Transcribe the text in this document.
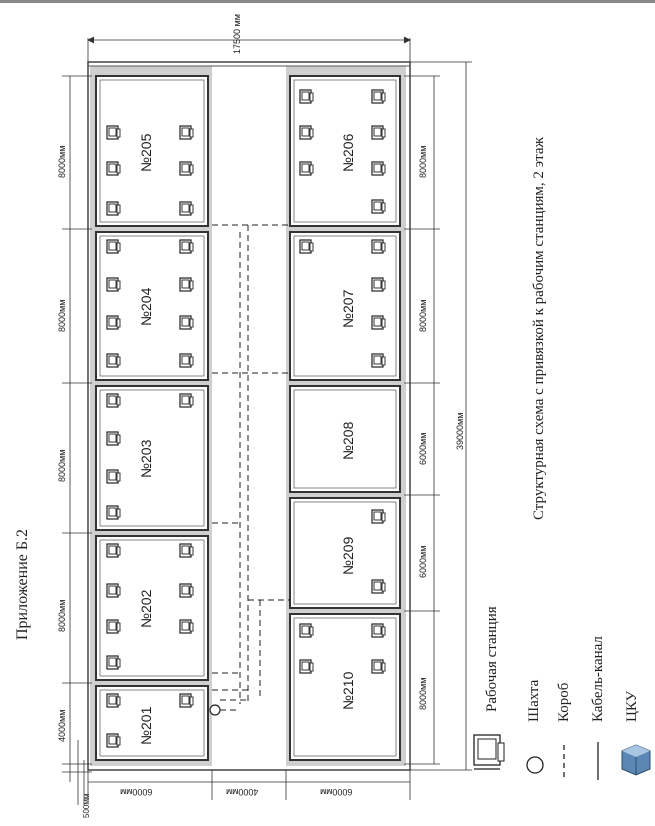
Приложение Б.2
Структурная схема с привязкой к рабочим станциям, 2 этаж
17500 мм
39000мм
8000мм
8000мм
8000мм
8000мм
4000мм
500мм
8000мм
8000мм
6000мм
6000мм
8000мм
6000мм	4000мм	6000мм
№205
№204
№203
№202
№201
№206
№207
№208
№209
№210	Рабочая станция Шахта Короб Кабель-канал ЦКУ
